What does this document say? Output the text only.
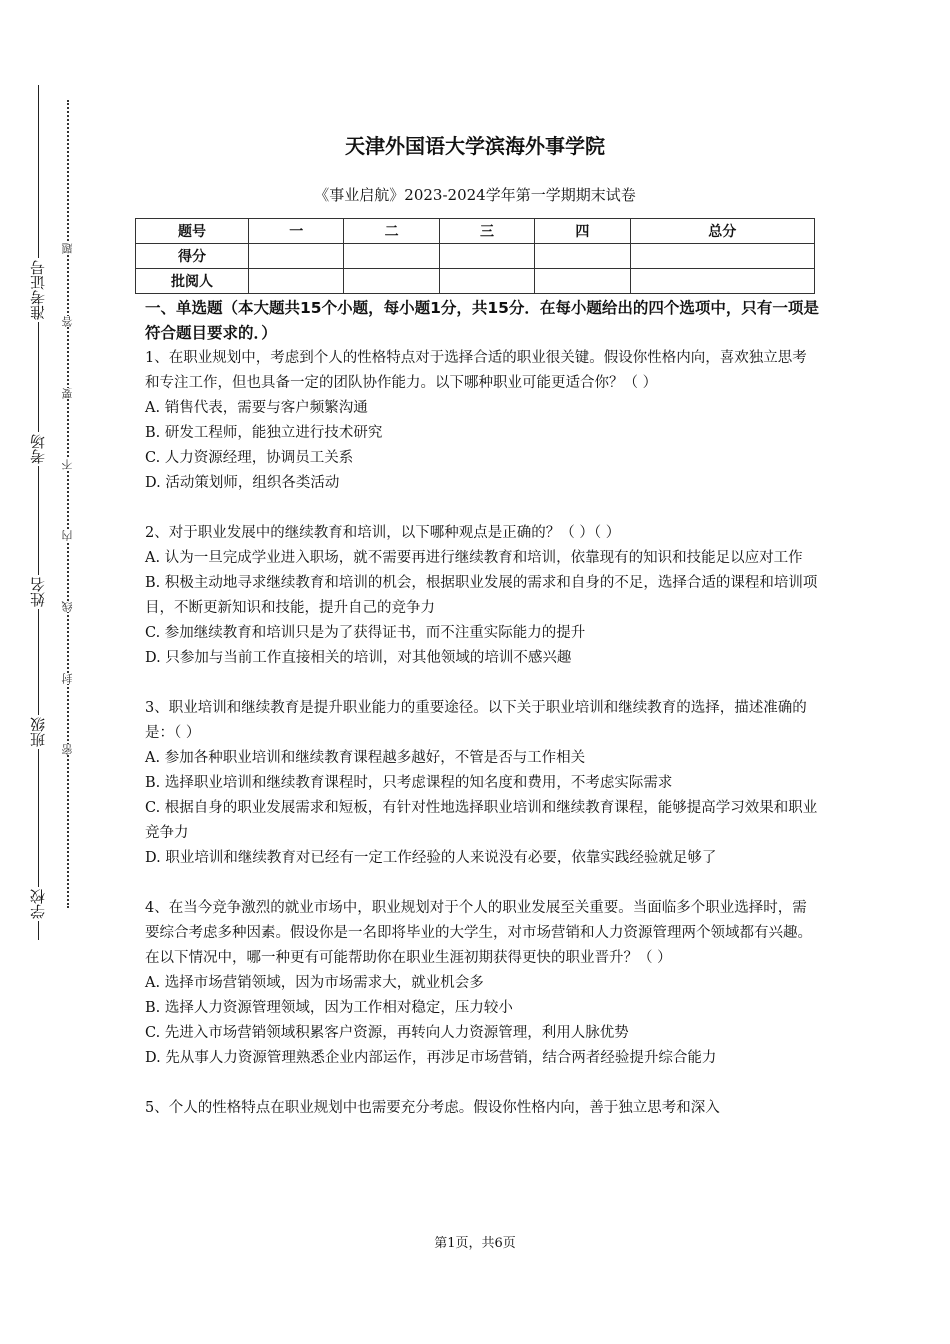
准考证号
考场
姓名
班级
学校
题
答
要
不
内
线
封
密
天津外国语大学滨海外事学院
《事业启航》2023-2024学年第一学期期末试卷
题号	一	二	三	四	总分
得分					
批阅人					
一、单选题（本大题共15个小题，每小题1分，共15分．在每小题给出的四个选项中，只有一项是符合题目要求的．）

1、在职业规划中，考虑到个人的性格特点对于选择合适的职业很关键。假设你性格内向，喜欢独立思考和专注工作，但也具备一定的团队协作能力。以下哪种职业可能更适合你？（ ）

A. 销售代表，需要与客户频繁沟通

B. 研发工程师，能独立进行技术研究

C. 人力资源经理，协调员工关系

D. 活动策划师，组织各类活动

2、对于职业发展中的继续教育和培训，以下哪种观点是正确的？（ ）（ ）

A. 认为一旦完成学业进入职场，就不需要再进行继续教育和培训，依靠现有的知识和技能足以应对工作

B. 积极主动地寻求继续教育和培训的机会，根据职业发展的需求和自身的不足，选择合适的课程和培训项目，不断更新知识和技能，提升自己的竞争力

C. 参加继续教育和培训只是为了获得证书，而不注重实际能力的提升

D. 只参加与当前工作直接相关的培训，对其他领域的培训不感兴趣

3、职业培训和继续教育是提升职业能力的重要途径。以下关于职业培训和继续教育的选择，描述准确的是：（ ）

A. 参加各种职业培训和继续教育课程越多越好，不管是否与工作相关

B. 选择职业培训和继续教育课程时，只考虑课程的知名度和费用，不考虑实际需求

C. 根据自身的职业发展需求和短板，有针对性地选择职业培训和继续教育课程，能够提高学习效果和职业竞争力

D. 职业培训和继续教育对已经有一定工作经验的人来说没有必要，依靠实践经验就足够了

4、在当今竞争激烈的就业市场中，职业规划对于个人的职业发展至关重要。当面临多个职业选择时，需要综合考虑多种因素。假设你是一名即将毕业的大学生，对市场营销和人力资源管理两个领域都有兴趣。在以下情况中，哪一种更有可能帮助你在职业生涯初期获得更快的职业晋升？（ ）

A. 选择市场营销领域，因为市场需求大，就业机会多

B. 选择人力资源管理领域，因为工作相对稳定，压力较小

C. 先进入市场营销领域积累客户资源，再转向人力资源管理，利用人脉优势

D. 先从事人力资源管理熟悉企业内部运作，再涉足市场营销，结合两者经验提升综合能力

5、个人的性格特点在职业规划中也需要充分考虑。假设你性格内向，善于独立思考和深入

第1页，共6页
